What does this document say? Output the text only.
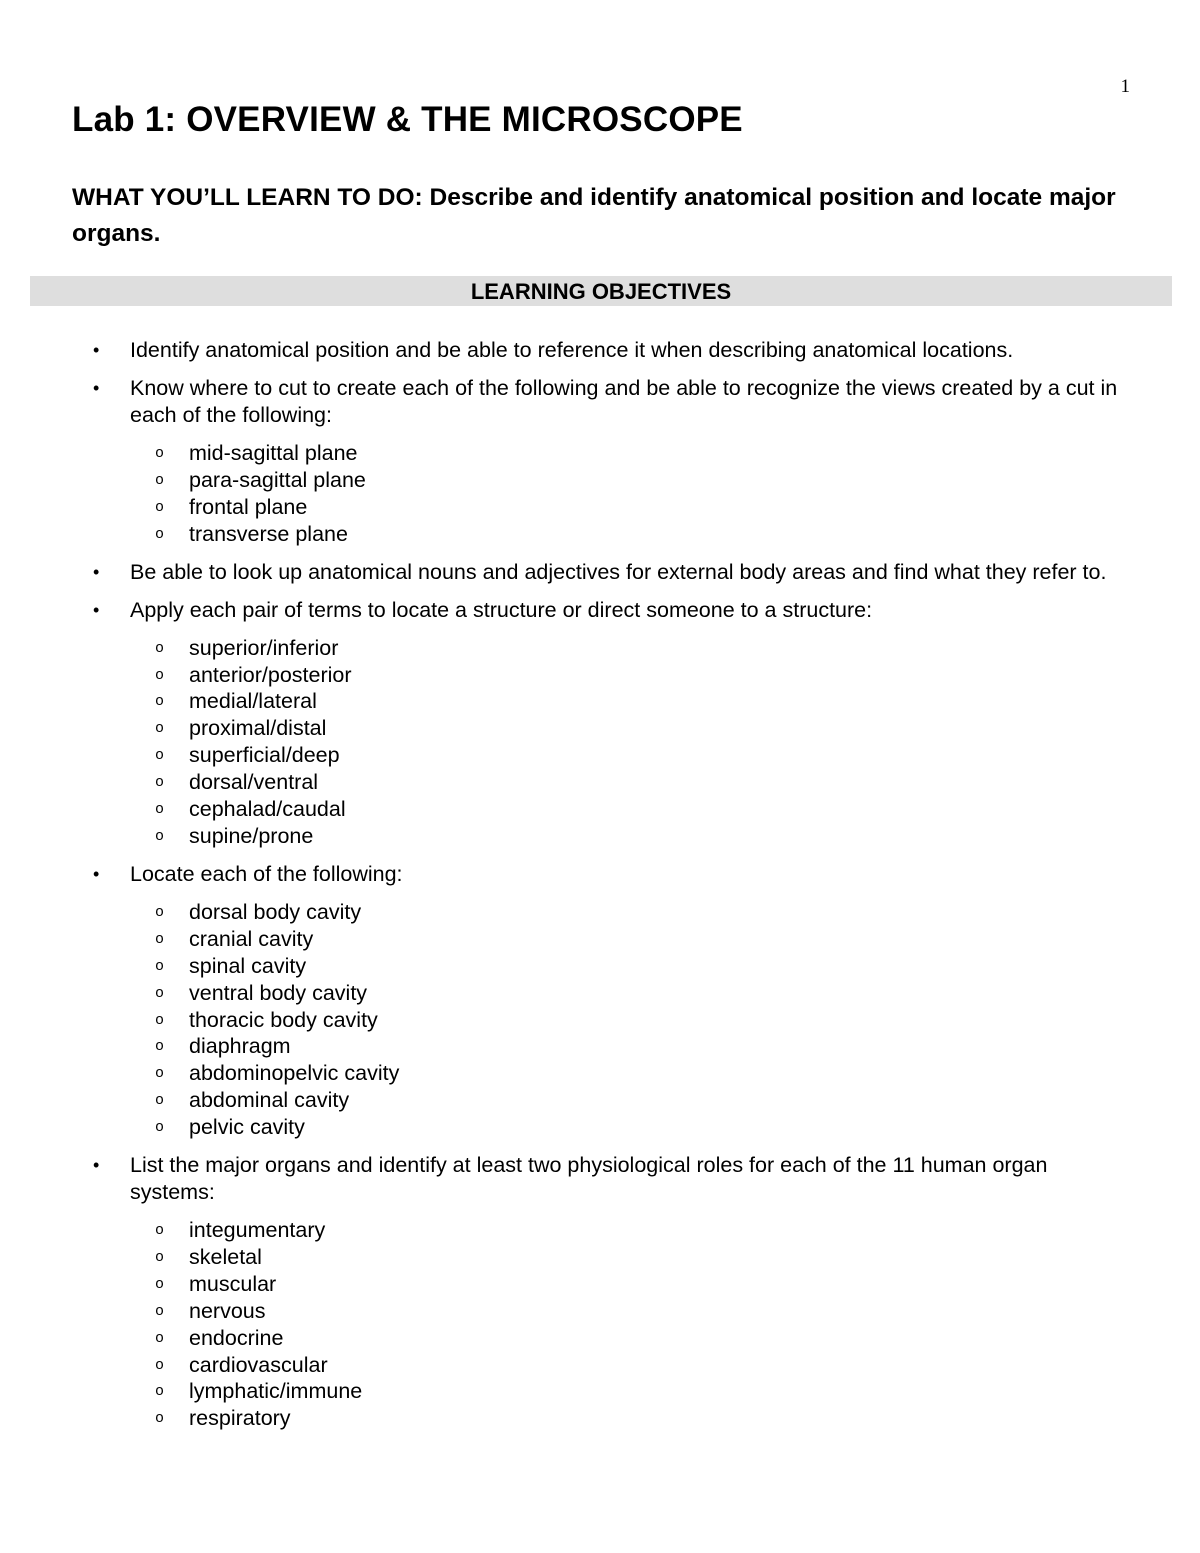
1
Lab 1: OVERVIEW & THE MICROSCOPE

WHAT YOU’LL LEARN TO DO: Describe and identify anatomical position and locate major organs.

LEARNING OBJECTIVES
• Identify anatomical position and be able to reference it when describing anatomical locations.
• Know where to cut to create each of the following and be able to recognize the views created by a cut in each of the following:
o mid-sagittal plane
o para-sagittal plane
o frontal plane
o transverse plane
• Be able to look up anatomical nouns and adjectives for external body areas and find what they refer to.
• Apply each pair of terms to locate a structure or direct someone to a structure:
o superior/inferior
o anterior/posterior
o medial/lateral
o proximal/distal
o superficial/deep
o dorsal/ventral
o cephalad/caudal
o supine/prone
• Locate each of the following:
o dorsal body cavity
o cranial cavity
o spinal cavity
o ventral body cavity
o thoracic body cavity
o diaphragm
o abdominopelvic cavity
o abdominal cavity
o pelvic cavity
• List the major organs and identify at least two physiological roles for each of the 11 human organ systems:
o integumentary
o skeletal
o muscular
o nervous
o endocrine
o cardiovascular
o lymphatic/immune
o respiratory
